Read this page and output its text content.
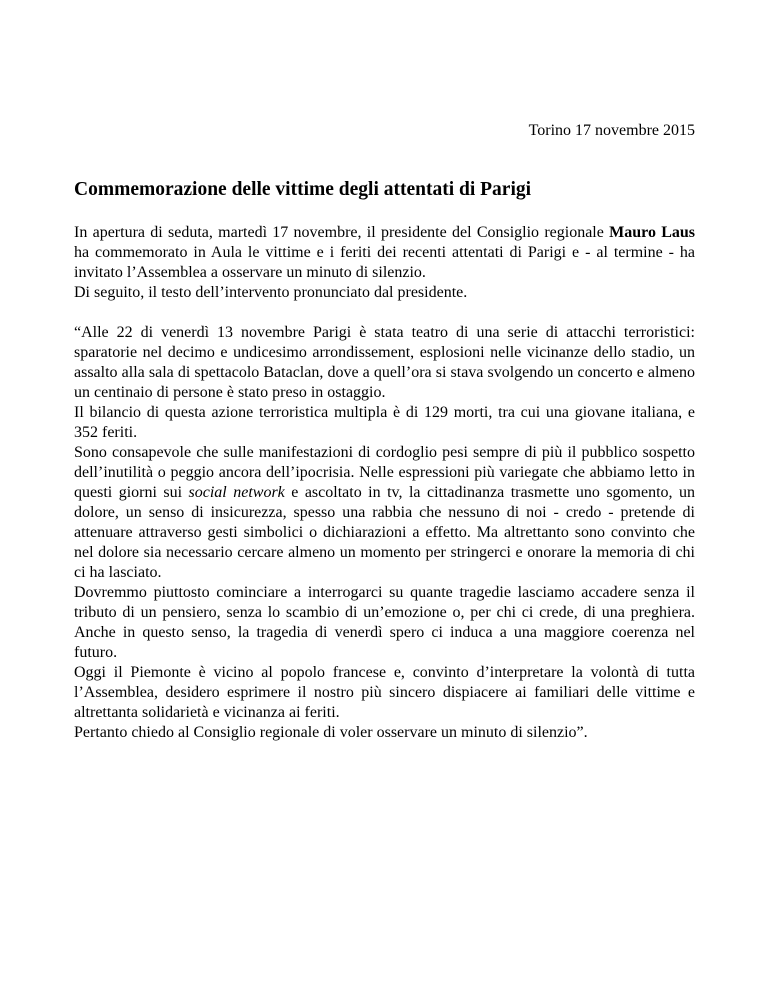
Torino 17 novembre 2015
Commemorazione delle vittime degli attentati di Parigi

In apertura di seduta, martedì 17 novembre, il presidente del Consiglio regionale Mauro Laus ha commemorato in Aula le vittime e i feriti dei recenti attentati di Parigi e - al termine - ha invitato l’Assemblea a osservare un minuto di silenzio.

Di seguito, il testo dell’intervento pronunciato dal presidente.

“Alle 22 di venerdì 13 novembre Parigi è stata teatro di una serie di attacchi terroristici: sparatorie nel decimo e undicesimo arrondissement, esplosioni nelle vicinanze dello stadio, un assalto alla sala di spettacolo Bataclan, dove a quell’ora si stava svolgendo un concerto e almeno un centinaio di persone è stato preso in ostaggio.

Il bilancio di questa azione terroristica multipla è di 129 morti, tra cui una giovane italiana, e 352 feriti.

Sono consapevole che sulle manifestazioni di cordoglio pesi sempre di più il pubblico sospetto dell’inutilità o peggio ancora dell’ipocrisia. Nelle espressioni più variegate che abbiamo letto in questi giorni sui social network e ascoltato in tv, la cittadinanza trasmette uno sgomento, un dolore, un senso di insicurezza, spesso una rabbia che nessuno di noi - credo - pretende di attenuare attraverso gesti simbolici o dichiarazioni a effetto. Ma altrettanto sono convinto che nel dolore sia necessario cercare almeno un momento per stringerci e onorare la memoria di chi ci ha lasciato.

Dovremmo piuttosto cominciare a interrogarci su quante tragedie lasciamo accadere senza il tributo di un pensiero, senza lo scambio di un’emozione o, per chi ci crede, di una preghiera. Anche in questo senso, la tragedia di venerdì spero ci induca a una maggiore coerenza nel futuro.

Oggi il Piemonte è vicino al popolo francese e, convinto d’interpretare la volontà di tutta l’Assemblea, desidero esprimere il nostro più sincero dispiacere ai familiari delle vittime e altrettanta solidarietà e vicinanza ai feriti.

Pertanto chiedo al Consiglio regionale di voler osservare un minuto di silenzio”.
